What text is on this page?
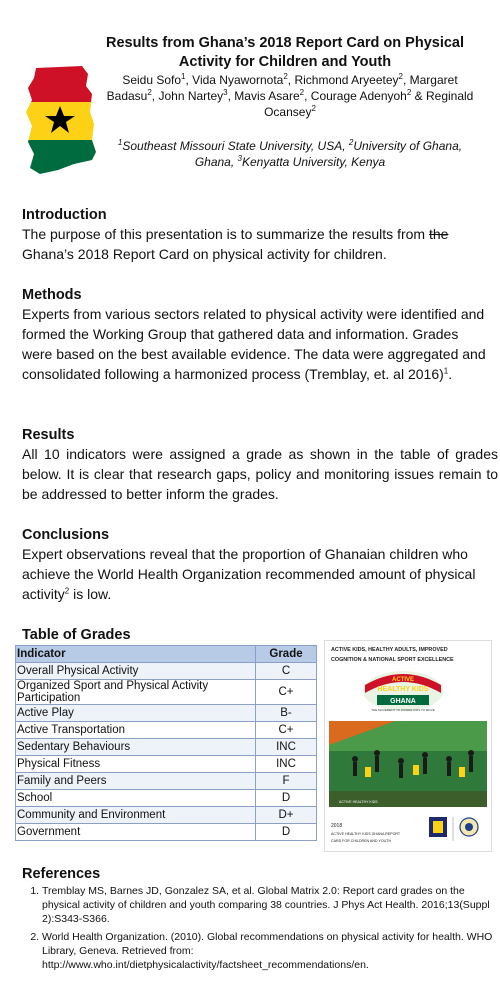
Results from Ghana’s 2018 Report Card on Physical Activity for Children and Youth
Seidu Sofo$^1$, Vida Nyawornota$^2$, Richmond Aryeetey$^2$, Margaret Badasu$^2$, John Nartey$^3$, Mavis Asare$^2$, Courage Adenyoh$^2$ & Reginald Ocansey$^2$
$^1$Southeast Missouri State University, USA, $^2$University of Ghana, Ghana, $^3$Kenyatta University, Kenya
Introduction
The purpose of this presentation is to summarize the results from the Ghana’s 2018 Report Card on physical activity for children.
Methods
Experts from various sectors related to physical activity were identified and formed the Working Group that gathered data and information. Grades were based on the best available evidence. The data were aggregated and consolidated following a harmonized process (Tremblay, et. al 2016)$^1$.
Results
All 10 indicators were assigned a grade as shown in the table of grades below. It is clear that research gaps, policy and monitoring issues remain to be addressed to better inform the grades.
Conclusions
Expert observations reveal that the proportion of Ghanaian children who achieve the World Health Organization recommended amount of physical activity$^2$ is low.
Table of Grades
Indicator	Grade
Overall Physical Activity	C
Organized Sport and Physical Activity Participation	C+
Active Play	B-
Active Transportation	C+
Sedentary Behaviours	INC
Physical Fitness	INC
Family and Peers	F
School	D
Community and Environment	D+
Government	D
ACTIVE KIDS, HEALTHY ADULTS, IMPROVED
COGNITION & NATIONAL SPORT EXCELLENCE
ACTIVE
HEALTHY KIDS
GHANA
THE MOVEMENT TO POWER KIDS TO MOVE
ACTIVE HEALTHY KIDS
2018
ACTIVE HEALTHY KIDS GHANA REPORT
CARD FOR CHILDREN AND YOUTH
References
1. Tremblay MS, Barnes JD, Gonzalez SA, et al. Global Matrix 2.0: Report card grades on the physical activity of children and youth comparing 38 countries. J Phys Act Health. 2016;13(Suppl 2):S343-S366.
2. World Health Organization. (2010). Global recommendations on physical activity for health. WHO Library, Geneva. Retrieved from: http://www.who.int/dietphysicalactivity/factsheet_recommendations/en.
